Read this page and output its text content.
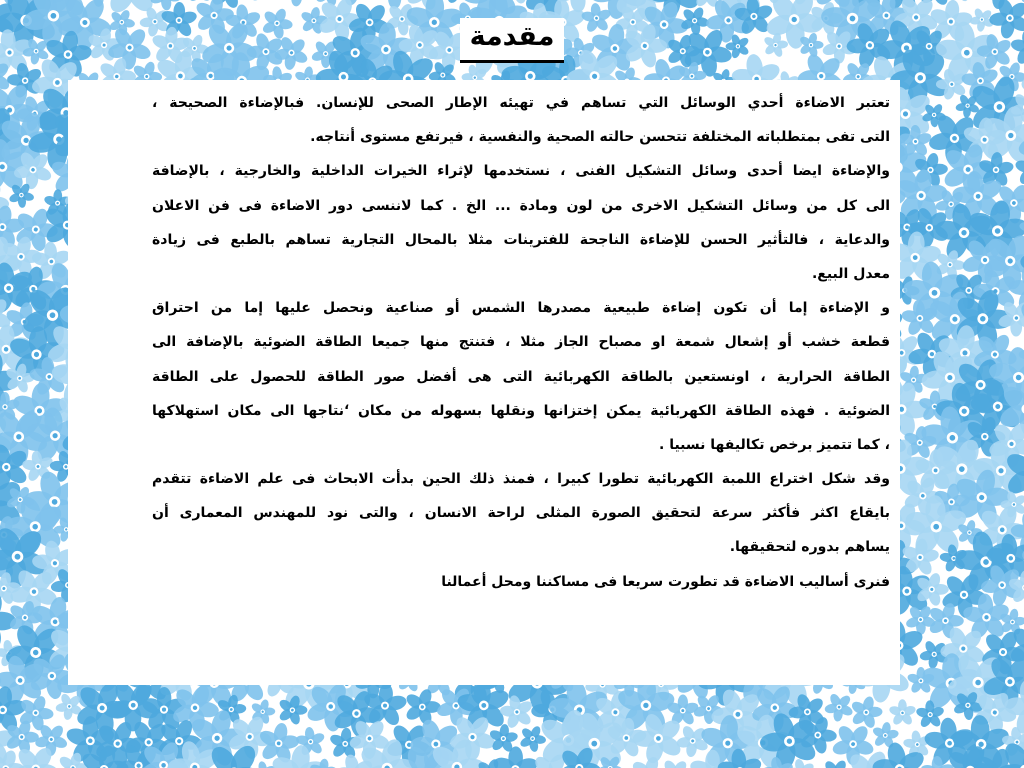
مقدمة
تعتبر الاضاءة أحدي الوسائل التي تساهم في تهيئه الإطار الصحى للإنسان. فبالإضاءة الصحيحة ،
التى تفى بمتطلباته المختلفة تتحسن حالته الصحية والنفسية ، فيرتفع مستوى أنتاجه.
والإضاءة ايضا أحدى وسائل التشكيل الفنى ، نستخدمها لإثراء الخيرات الداخلية والخارجية ، بالإضافة
الى كل من وسائل التشكيل الاخرى من لون ومادة ... الخ . كما لاننسى دور الاضاءة فى فن الاعلان
والدعاية ، فالتأثير الحسن للإضاءة الناجحة للفترينات مثلا بالمحال التجارية تساهم بالطبع فى زيادة
معدل البيع.
و الإضاءة إما أن تكون إضاءة طبيعية مصدرها الشمس أو صناعية ونحصل عليها إما من احتراق
قطعة خشب أو إشعال شمعة او مصباح الجاز مثلا ، فتنتج منها جميعا الطاقة الضوئية بالإضافة الى
الطاقة الحرارية ، اونستعين بالطاقة الكهربائية التى هى أفضل صور الطاقة للحصول على الطاقة
الضوئية . فهذه الطاقة الكهربائية يمكن إختزانها ونقلها بسهوله من مكان ‘نتاجها الى مكان استهلاكها
، كما تتميز برخص تكاليفها نسبيا .
وقد شكل اختراع اللمبة الكهربائية تطورا كبيرا ، فمنذ ذلك الحين بدأت الابحاث فى علم الاضاءة تتقدم
بايقاع اكثر فأكثر سرعة لتحقيق الصورة المثلى لراحة الانسان ، والتى نود للمهندس المعمارى أن
يساهم بدوره لتحقيقها.
فنرى أساليب الاضاءة قد تطورت سريعا فى مساكننا ومحل أعمالنا
